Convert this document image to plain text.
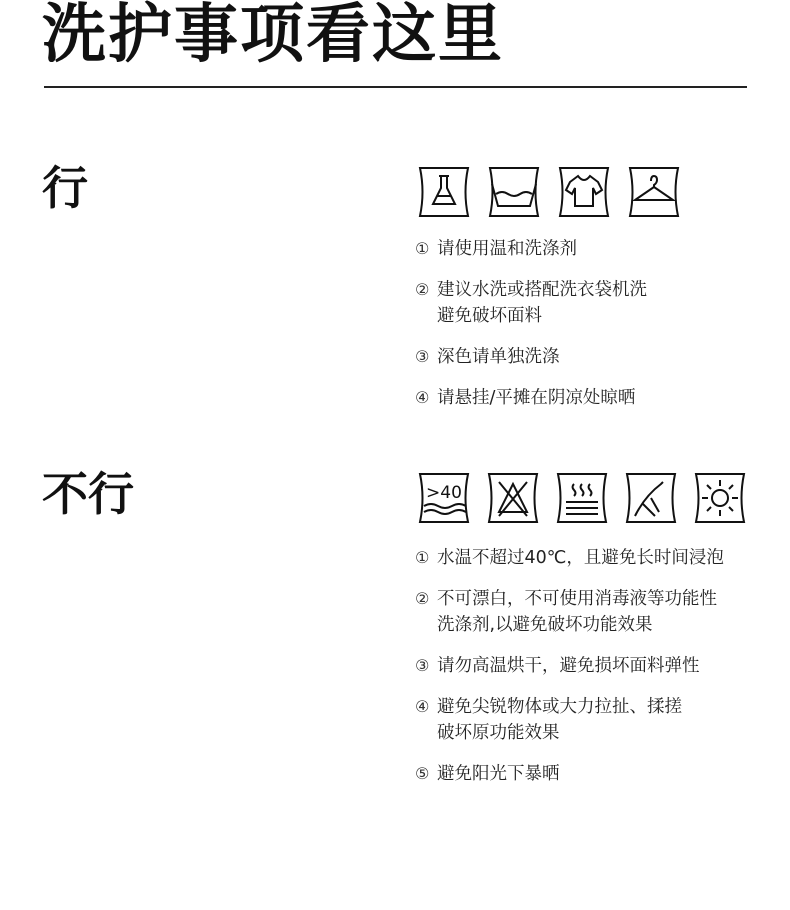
洗护事项看这里
行
① 请使用温和洗涤剂
② 建议水洗或搭配洗衣袋机洗
避免破坏面料
③ 深色请单独洗涤
④ 请悬挂/平摊在阴凉处晾晒
不行	>40
① 水温不超过40℃，且避免长时间浸泡
② 不可漂白，不可使用消毒液等功能性
洗涤剂,以避免破坏功能效果
③ 请勿高温烘干，避免损坏面料弹性
④ 避免尖锐物体或大力拉扯、揉搓
破坏原功能效果
⑤ 避免阳光下暴晒
